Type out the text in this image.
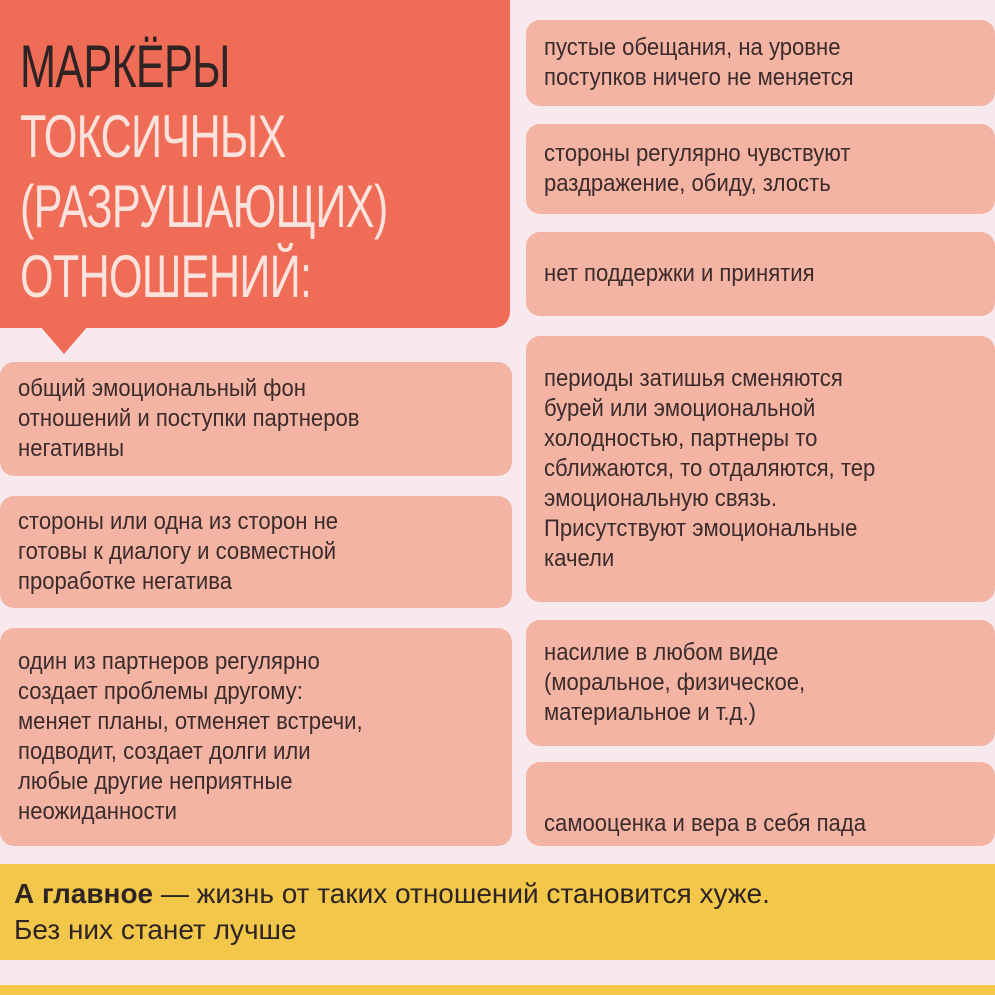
МАРКЁРЫ
ТОКСИЧНЫХ
(РАЗРУШАЮЩИХ)
ОТНОШЕНИЙ:
пустые обещания, на уровне
поступков ничего не меняется
стороны регулярно чувствуют
раздражение, обиду, злость
нет поддержки и принятия
периоды затишья сменяются
бурей или эмоциональной
холодностью, партнеры то
сближаются, то отдаляются, тер
эмоциональную связь.
Присутствуют эмоциональные
качели
насилие в любом виде
(моральное, физическое,
материальное и т.д.)
самооценка и вера в себя пада
общий эмоциональный фон
отношений и поступки партнеров
негативны
стороны или одна из сторон не
готовы к диалогу и совместной
проработке негатива
один из партнеров регулярно
создает проблемы другому:
меняет планы, отменяет встречи,
подводит, создает долги или
любые другие неприятные
неожиданности
А главное — жизнь от таких отношений становится хуже.
Без них станет лучше
